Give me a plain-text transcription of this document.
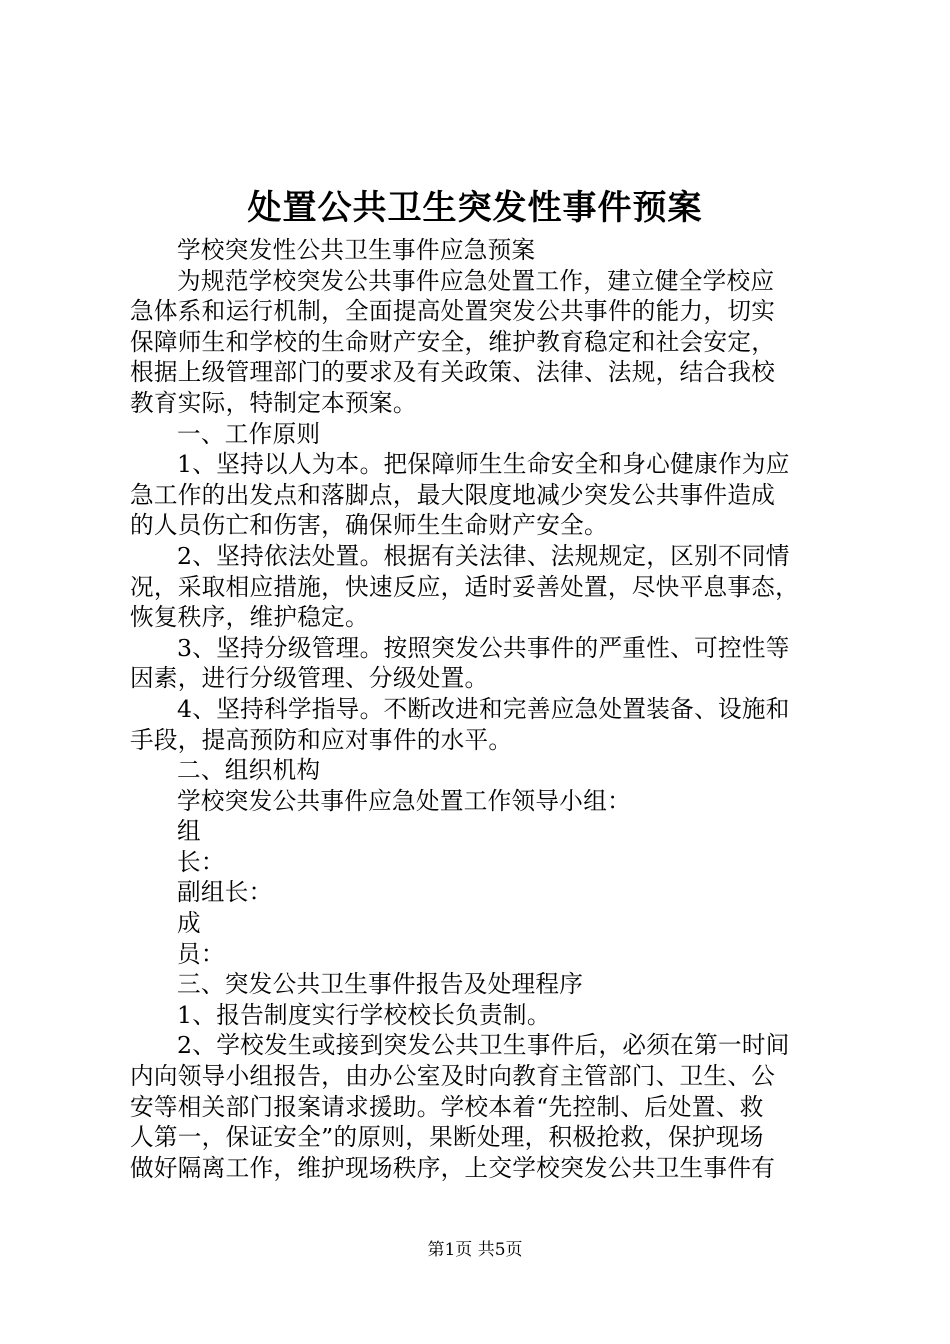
处置公共卫生突发性事件预案
学校突发性公共卫生事件应急预案
为规范学校突发公共事件应急处置工作，建立健全学校应
急体系和运行机制，全面提高处置突发公共事件的能力，切实
保障师生和学校的生命财产安全，维护教育稳定和社会安定，
根据上级管理部门的要求及有关政策、法律、法规，结合我校
教育实际，特制定本预案。
一、工作原则
1、坚持以人为本。把保障师生生命安全和身心健康作为应
急工作的出发点和落脚点，最大限度地减少突发公共事件造成
的人员伤亡和伤害，确保师生生命财产安全。
2、坚持依法处置。根据有关法律、法规规定，区别不同情
况，采取相应措施，快速反应，适时妥善处置，尽快平息事态，
恢复秩序，维护稳定。
3、坚持分级管理。按照突发公共事件的严重性、可控性等
因素，进行分级管理、分级处置。
4、坚持科学指导。不断改进和完善应急处置装备、设施和
手段，提高预防和应对事件的水平。
二、组织机构
学校突发公共事件应急处置工作领导小组：
组
长：
副组长：
成
员：
三、突发公共卫生事件报告及处理程序
1、报告制度实行学校校长负责制。
2、学校发生或接到突发公共卫生事件后，必须在第一时间
内向领导小组报告，由办公室及时向教育主管部门、卫生、公
安等相关部门报案请求援助。学校本着“先控制、后处置、救
人第一，保证安全”的原则，果断处理，积极抢救，保护现场
做好隔离工作，维护现场秩序，上交学校突发公共卫生事件有
第1页 共5页
